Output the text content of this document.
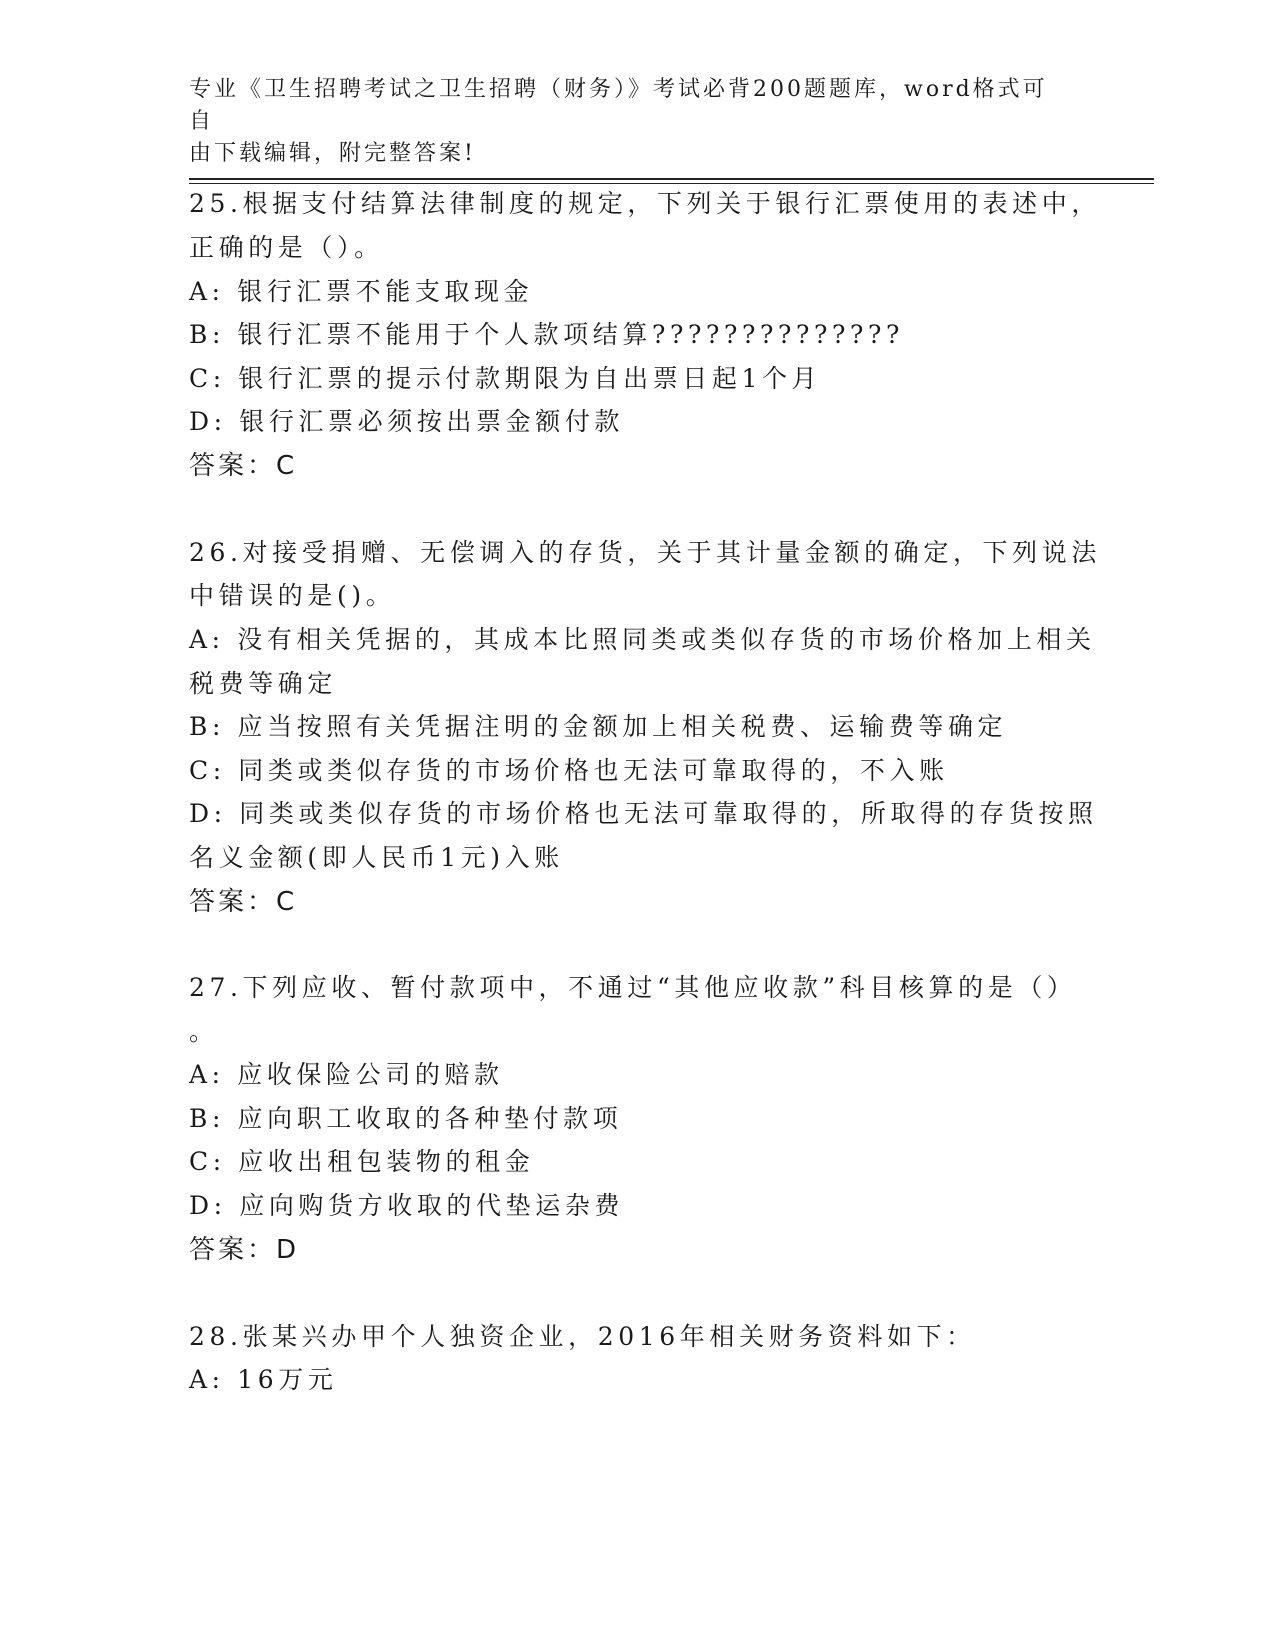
专业《卫生招聘考试之卫生招聘（财务）》考试必背200题题库，word格式可自
由下载编辑，附完整答案!
25.根据支付结算法律制度的规定，下列关于银行汇票使用的表述中，
正确的是（）。
A: 银行汇票不能支取现金
B: 银行汇票不能用于个人款项结算??????????????
C: 银行汇票的提示付款期限为自出票日起1个月
D: 银行汇票必须按出票金额付款
答案：C
26.对接受捐赠、无偿调入的存货，关于其计量金额的确定，下列说法
中错误的是()。
A: 没有相关凭据的，其成本比照同类或类似存货的市场价格加上相关
税费等确定
B: 应当按照有关凭据注明的金额加上相关税费、运输费等确定
C: 同类或类似存货的市场价格也无法可靠取得的，不入账
D: 同类或类似存货的市场价格也无法可靠取得的，所取得的存货按照
名义金额(即人民币1元)入账
答案：C
27.下列应收、暂付款项中，不通过“其他应收款”科目核算的是（）
。
A: 应收保险公司的赔款
B: 应向职工收取的各种垫付款项
C: 应收出租包装物的租金
D: 应向购货方收取的代垫运杂费
答案：D
28.张某兴办甲个人独资企业，2016年相关财务资料如下：
A: 16万元
